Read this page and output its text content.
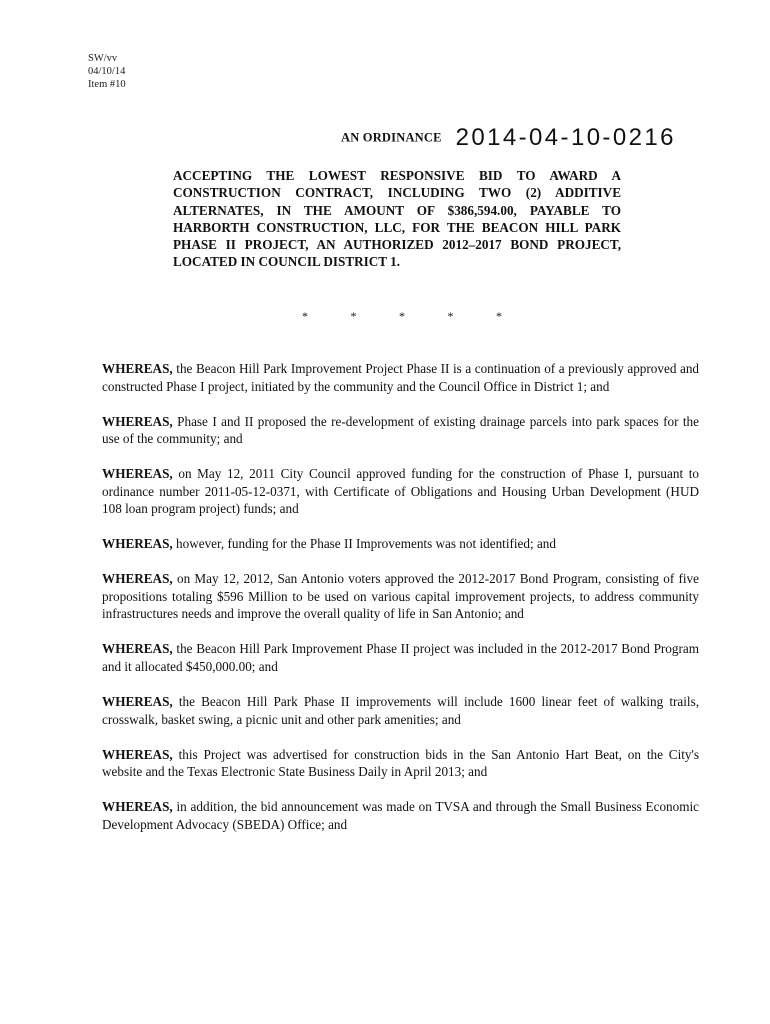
SW/vv
04/10/14
Item #10
AN ORDINANCE 2014-04-10-0216
ACCEPTING THE LOWEST RESPONSIVE BID TO AWARD A CONSTRUCTION CONTRACT, INCLUDING TWO (2) ADDITIVE ALTERNATES, IN THE AMOUNT OF $386,594.00, PAYABLE TO HARBORTH CONSTRUCTION, LLC, FOR THE BEACON HILL PARK PHASE II PROJECT, AN AUTHORIZED 2012–2017 BOND PROJECT, LOCATED IN COUNCIL DISTRICT 1.
*	*	*	*	*

WHEREAS, the Beacon Hill Park Improvement Project Phase II is a continuation of a previously approved and constructed Phase I project, initiated by the community and the Council Office in District 1; and

WHEREAS, Phase I and II proposed the re-development of existing drainage parcels into park spaces for the use of the community; and

WHEREAS, on May 12, 2011 City Council approved funding for the construction of Phase I, pursuant to ordinance number 2011-05-12-0371, with Certificate of Obligations and Housing Urban Development (HUD 108 loan program project) funds; and

WHEREAS, however, funding for the Phase II Improvements was not identified; and

WHEREAS, on May 12, 2012, San Antonio voters approved the 2012-2017 Bond Program, consisting of five propositions totaling $596 Million to be used on various capital improvement projects, to address community infrastructures needs and improve the overall quality of life in San Antonio; and

WHEREAS, the Beacon Hill Park Improvement Phase II project was included in the 2012-2017 Bond Program and it allocated $450,000.00; and

WHEREAS, the Beacon Hill Park Phase II improvements will include 1600 linear feet of walking trails, crosswalk, basket swing, a picnic unit and other park amenities; and

WHEREAS, this Project was advertised for construction bids in the San Antonio Hart Beat, on the City's website and the Texas Electronic State Business Daily in April 2013; and

WHEREAS, in addition, the bid announcement was made on TVSA and through the Small Business Economic Development Advocacy (SBEDA) Office; and
